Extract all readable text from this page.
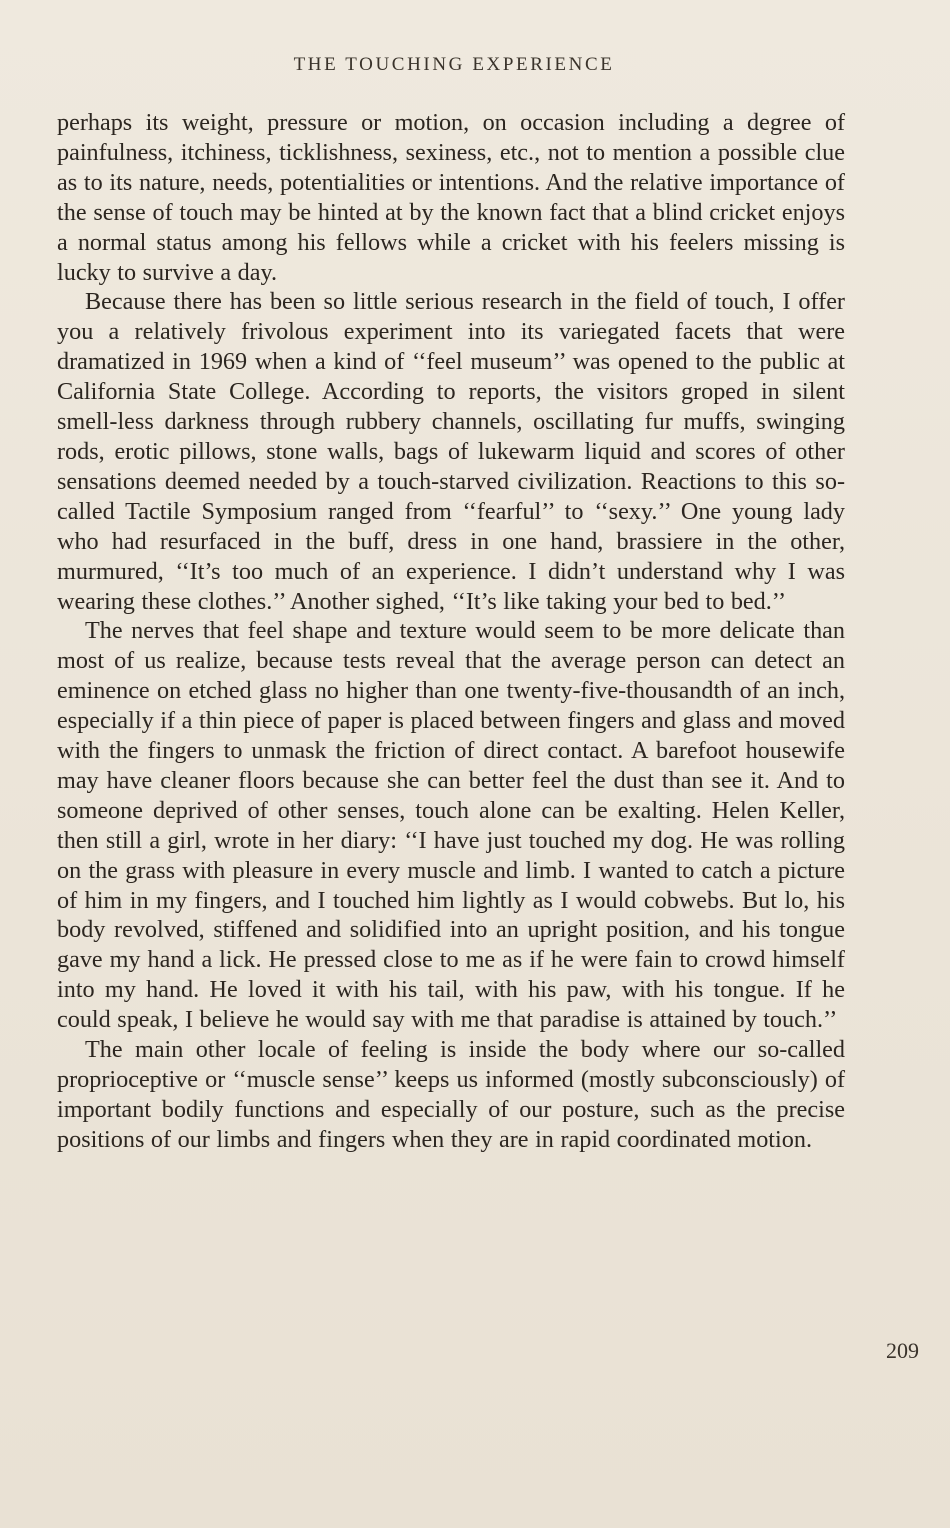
THE TOUCHING EXPERIENCE

perhaps its weight, pressure or motion, on occasion including a degree of painfulness, itchiness, ticklishness, sexiness, etc., not to mention a possible clue as to its nature, needs, potentialities or intentions. And the relative importance of the sense of touch may be hinted at by the known fact that a blind cricket enjoys a normal status among his fellows while a cricket with his feelers missing is lucky to survive a day.

Because there has been so little serious research in the field of touch, I offer you a relatively frivolous experiment into its variegated facets that were dramatized in 1969 when a kind of ‘‘feel museum’’ was opened to the public at California State College. According to reports, the visitors groped in silent smell-less darkness through rubbery channels, oscillating fur muffs, swinging rods, erotic pillows, stone walls, bags of lukewarm liquid and scores of other sensations deemed needed by a touch-starved civilization. Reactions to this so-called Tactile Symposium ranged from ‘‘fearful’’ to ‘‘sexy.’’ One young lady who had resurfaced in the buff, dress in one hand, brassiere in the other, murmured, ‘‘It’s too much of an experience. I didn’t understand why I was wearing these clothes.’’ Another sighed, ‘‘It’s like taking your bed to bed.’’

The nerves that feel shape and texture would seem to be more delicate than most of us realize, because tests reveal that the average person can detect an eminence on etched glass no higher than one twenty-five-thousandth of an inch, especially if a thin piece of paper is placed between fingers and glass and moved with the fingers to unmask the friction of direct contact. A barefoot housewife may have cleaner floors because she can better feel the dust than see it. And to someone deprived of other senses, touch alone can be exalting. Helen Keller, then still a girl, wrote in her diary: ‘‘I have just touched my dog. He was rolling on the grass with pleasure in every muscle and limb. I wanted to catch a picture of him in my fingers, and I touched him lightly as I would cobwebs. But lo, his body revolved, stiffened and solidified into an upright position, and his tongue gave my hand a lick. He pressed close to me as if he were fain to crowd himself into my hand. He loved it with his tail, with his paw, with his tongue. If he could speak, I believe he would say with me that paradise is attained by touch.’’

The main other locale of feeling is inside the body where our so-called proprioceptive or ‘‘muscle sense’’ keeps us informed (mostly subconsciously) of important bodily functions and especially of our posture, such as the precise positions of our limbs and fingers when they are in rapid coordinated motion.

209
